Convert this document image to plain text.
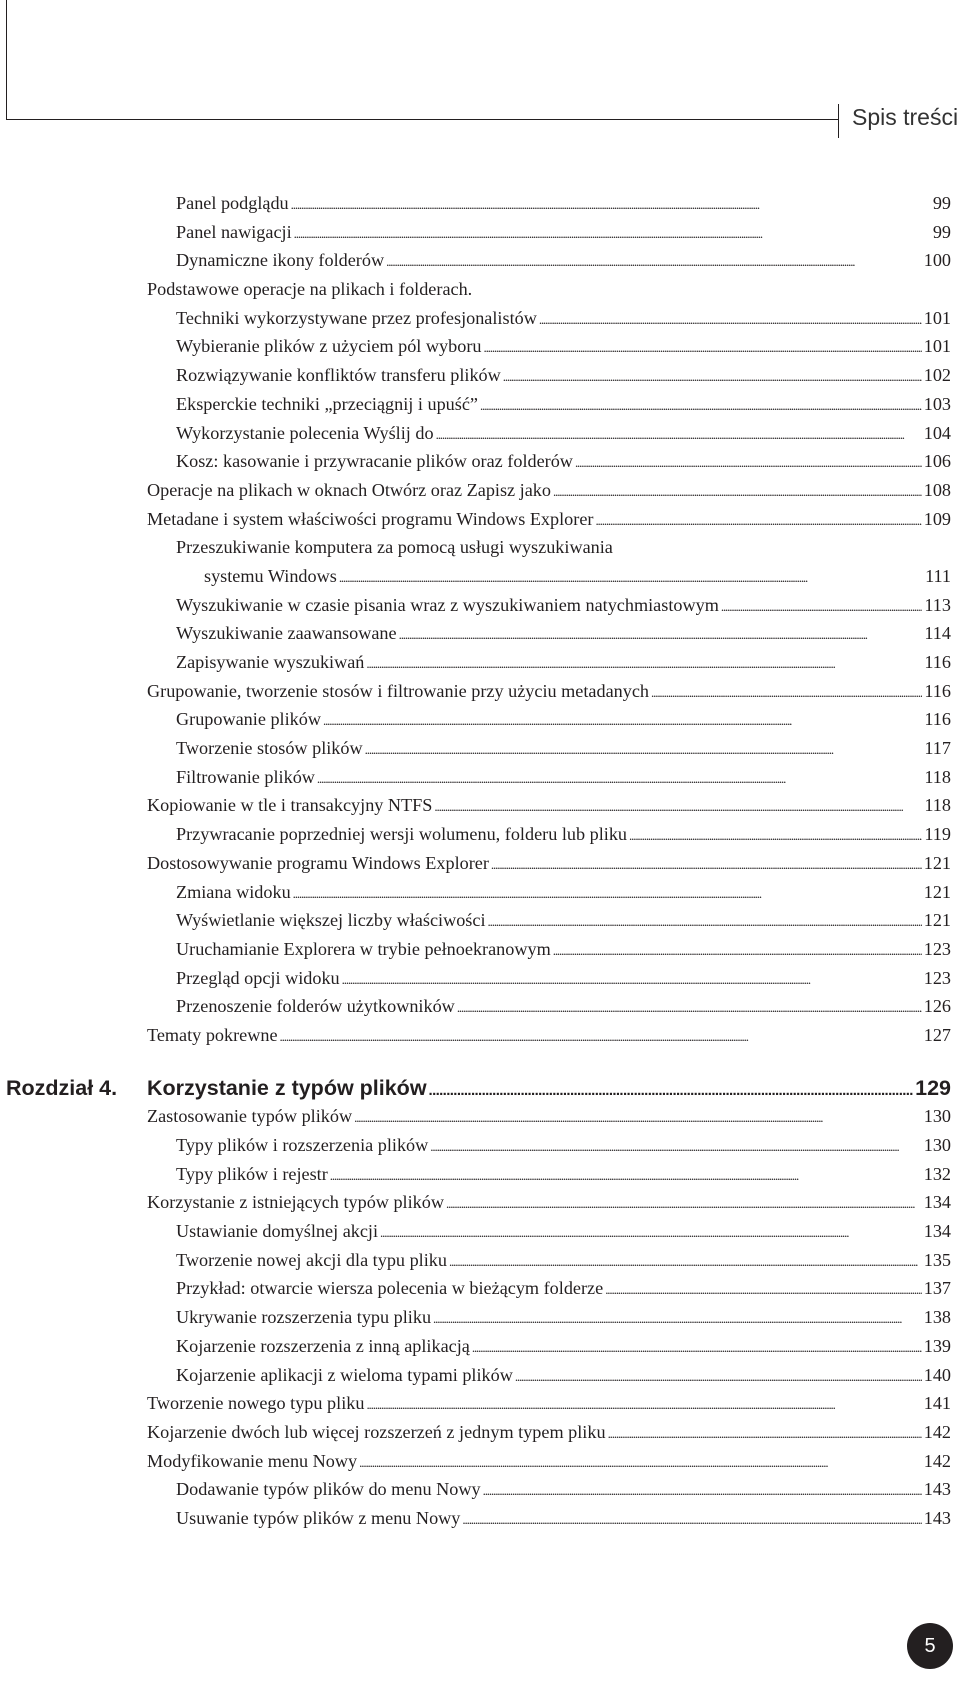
Spis treści
Panel podglądu . . .	99
Panel nawigacji . . .	99
Dynamiczne ikony folderów . . .	100
Podstawowe operacje na plikach i folderach.
Techniki wykorzystywane przez profesjonalistów . . .	101
Wybieranie plików z użyciem pól wyboru . . .	101
Rozwiązywanie konfliktów transferu plików . . .	102
Eksperckie techniki „przeciągnij i upuść” . . .	103
Wykorzystanie polecenia Wyślij do . . .	104
Kosz: kasowanie i przywracanie plików oraz folderów . . .	106
Operacje na plikach w oknach Otwórz oraz Zapisz jako . . .	108
Metadane i system właściwości programu Windows Explorer . . .	109
Przeszukiwanie komputera za pomocą usługi wyszukiwania
systemu Windows . . .	111
Wyszukiwanie w czasie pisania wraz z wyszukiwaniem natychmiastowym . . .	113
Wyszukiwanie zaawansowane . . .	114
Zapisywanie wyszukiwań . . .	116
Grupowanie, tworzenie stosów i filtrowanie przy użyciu metadanych . . .	116
Grupowanie plików . . .	116
Tworzenie stosów plików . . .	117
Filtrowanie plików . . .	118
Kopiowanie w tle i transakcyjny NTFS . . .	118
Przywracanie poprzedniej wersji wolumenu, folderu lub pliku . . .	119
Dostosowywanie programu Windows Explorer . . .	121
Zmiana widoku . . .	121
Wyświetlanie większej liczby właściwości . . .	121
Uruchamianie Explorera w trybie pełnoekranowym . . .	123
Przegląd opcji widoku . . .	123
Przenoszenie folderów użytkowników . . .	126
Tematy pokrewne . . .	127
Rozdział 4. Korzystanie z typów plików . . .	129
Zastosowanie typów plików . . .	130
Typy plików i rozszerzenia plików . . .	130
Typy plików i rejestr . . .	132
Korzystanie z istniejących typów plików . . .	134
Ustawianie domyślnej akcji . . .	134
Tworzenie nowej akcji dla typu pliku . . .	135
Przykład: otwarcie wiersza polecenia w bieżącym folderze . . .	137
Ukrywanie rozszerzenia typu pliku . . .	138
Kojarzenie rozszerzenia z inną aplikacją . . .	139
Kojarzenie aplikacji z wieloma typami plików . . .	140
Tworzenie nowego typu pliku . . .	141
Kojarzenie dwóch lub więcej rozszerzeń z jednym typem pliku . . .	142
Modyfikowanie menu Nowy . . .	142
Dodawanie typów plików do menu Nowy . . .	143
Usuwanie typów plików z menu Nowy . . .	143
5
